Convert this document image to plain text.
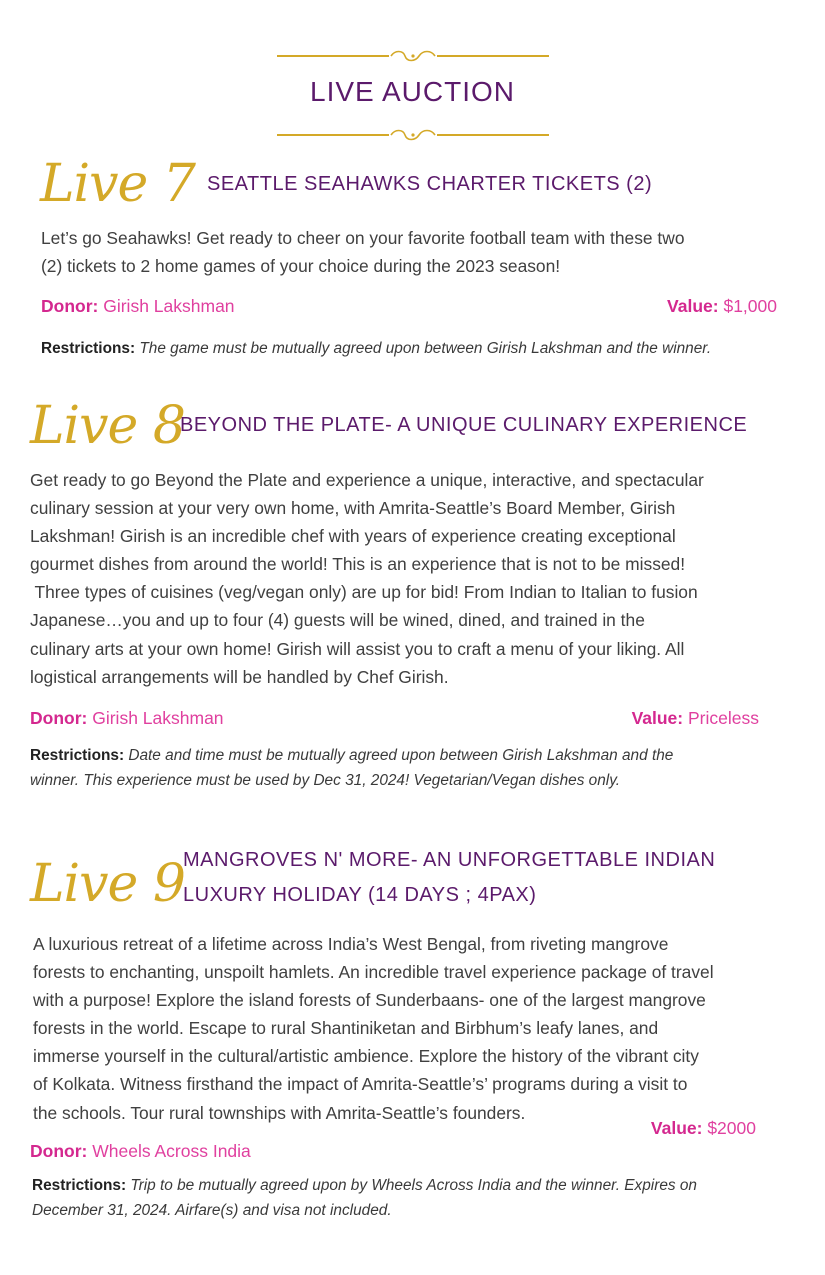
LIVE AUCTION
Live 7 SEATTLE SEAHAWKS CHARTER TICKETS (2)
Let’s go Seahawks! Get ready to cheer on your favorite football team with these two
(2) tickets to 2 home games of your choice during the 2023 season!
Donor: Girish Lakshman	Value: $1,000
Restrictions: The game must be mutually agreed upon between Girish Lakshman and the winner.
Live 8
BEYOND THE PLATE- A UNIQUE CULINARY EXPERIENCE
Get ready to go Beyond the Plate and experience a unique, interactive, and spectacular
culinary session at your very own home, with Amrita-Seattle’s Board Member, Girish
Lakshman! Girish is an incredible chef with years of experience creating exceptional
gourmet dishes from around the world! This is an experience that is not to be missed!
Three types of cuisines (veg/vegan only) are up for bid! From Indian to Italian to fusion
Japanese…you and up to four (4) guests will be wined, dined, and trained in the
culinary arts at your own home! Girish will assist you to craft a menu of your liking. All
logistical arrangements will be handled by Chef Girish.
Donor: Girish Lakshman	Value: Priceless
Restrictions: Date and time must be mutually agreed upon between Girish Lakshman and the
winner. This experience must be used by Dec 31, 2024! Vegetarian/Vegan dishes only.
Live 9
MANGROVES N' MORE- AN UNFORGETTABLE INDIAN
LUXURY HOLIDAY (14 DAYS ; 4PAX)
A luxurious retreat of a lifetime across India’s West Bengal, from riveting mangrove
forests to enchanting, unspoilt hamlets. An incredible travel experience package of travel
with a purpose! Explore the island forests of Sunderbaans- one of the largest mangrove
forests in the world. Escape to rural Shantiniketan and Birbhum’s leafy lanes, and
immerse yourself in the cultural/artistic ambience. Explore the history of the vibrant city
of Kolkata. Witness firsthand the impact of Amrita-Seattle’s’ programs during a visit to
the schools. Tour rural townships with Amrita-Seattle’s founders.
Value: $2000
Donor: Wheels Across India
Restrictions: Trip to be mutually agreed upon by Wheels Across India and the winner. Expires on
December 31, 2024. Airfare(s) and visa not included.
